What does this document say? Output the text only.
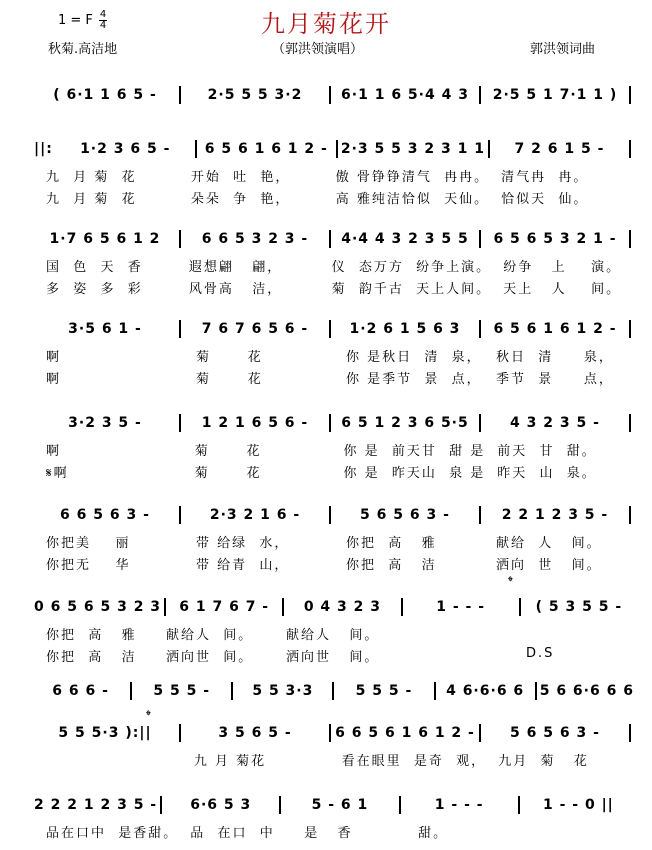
九月菊花开
1 = F 4
4
秋菊.高洁地	（郭洪领演唱）	郭洪领词曲
( 6·1 1 6 5 -	2·5 5 5 3·2	6·1 1 6 5·4 4 3	2·5 5 1 7·1 1 )
||:	1·2 3 6 5 -	6 5 6 1 6 1 2 - 2·3 5 5 3 2 3 1 1	7 2 6 1 5 -
九  月 菊  花	开始  吐  艳，	傲 骨铮铮清气  冉冉。 清气冉  冉。
九  月 菊  花	朵朵  争  艳，	高 雅纯洁恰似  天仙。 恰似天  仙。
1·7 6 5 6 1 2	6 6 5 3 2 3 -	4·4 4 3 2 3 5 5	6 5 6 5 3 2 1 -
国  色  天  香	遐想翩   翩，	仪  态万方  纷争上演。 纷争   上    演。
多  姿  多  彩	风骨高   洁，	菊  韵千古  天上人间。 天上   人    间。
3·5 6 1 -	7 6 7 6 5 6 -	1·2 6 1 5 6 3	6 5 6 1 6 1 2 -
啊	菊      花	你 是秋日  清  泉，	秋日  清     泉，
啊	菊      花	你 是季节  景  点，	季节  景     点，
3·2 3 5 -	1 2 1 6 5 6 -	6 5 1 2 3 6 5·5	4 3 2 3 5 -
啊	菊      花	你 是  前天甘  甜 是 前天  甘  甜。
𝄋啊	菊      花	你 是  昨天山  泉 是 昨天  山  泉。
6 6 5 6 3 -	2·3 2 1 6 -	5 6 5 6 3 -	2 2 1 2 3 5 -
你把美    丽	带 给绿  水，	你把  高   雅	献给  人   间。
你把无    华	带 给青  山，	你把  高   洁	洒向  世   间。
0 6 5 6 5 3 2 3	6 1 7 6 7 -	0 4 3 2 3	1 - - -	( 5 3 5 5 -
你把  高   雅	献给人  间。	献给人   间。
你把  高   洁	洒向世  间。	洒向世   间。	D.S
6 6 6 -	5 5 5 -	5 5 3·3	5 5 5 -	4 6·6·6 6	5 6 6·6 6 6
5 5 5·3 ):||	3 5 6 5 -	6 6 5 6 1 6 1 2 -	5 6 5 6 3 -
九 月 菊花	看在眼里  是奇  观， 九月  菊   花
2 2 2 1 2 3 5 -	6·6 5 3	5 - 6 1	1 - - -	1 - - 0 ||
品在口中  是香甜。 品  在口  中	是   香	甜。
𝄌
𝄌
